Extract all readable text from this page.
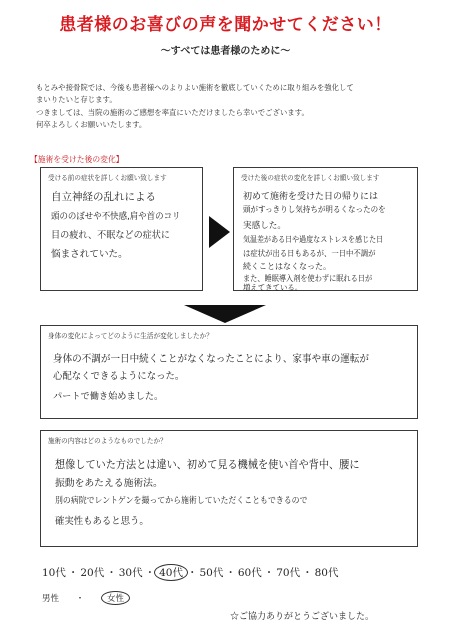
患者様のお喜びの声を聞かせてください！
～すべては患者様のために～

もとみや接骨院では、今後も患者様へのよりよい施術を徹底していくために取り組みを強化して

まいりたいと存じます。

つきましては、当院の施術のご感想を率直にいただけましたら幸いでございます。

何卒よろしくお願いいたします。

【施術を受けた後の変化】
受ける前の症状を詳しくお願い致します
自立神経の乱れによる
頭ののぼせや不快感,肩や首のコリ
目の疲れ、不眠などの症状に
悩まされていた。
受けた後の症状の変化を詳しくお願い致します
初めて施術を受けた日の帰りには
頭がすっきりし気持ちが明るくなったのを
実感した。
気温差がある日や過度なストレスを感じた日
は症状が出る日もあるが、一日中不調が
続くことはなくなった。
また、睡眠導入剤を使わずに眠れる日が
増えてきている。
身体の変化によってどのように生活が変化しましたか？
身体の不調が一日中続くことがなくなったことにより、家事や車の運転が
心配なくできるようになった。
パートで働き始めました。
施術の内容はどのようなものでしたか？
想像していた方法とは違い、初めて見る機械を使い首や背中、腰に
振動をあたえる施術法。
別の病院でレントゲンを撮ってから施術していただくこともできるので
確実性もあると思う。
10代 ・ 20代 ・ 30代 ・ 40代 ・ 50代 ・ 60代 ・ 70代 ・ 80代
男性 ・	女性
☆ご協力ありがとうございました。
